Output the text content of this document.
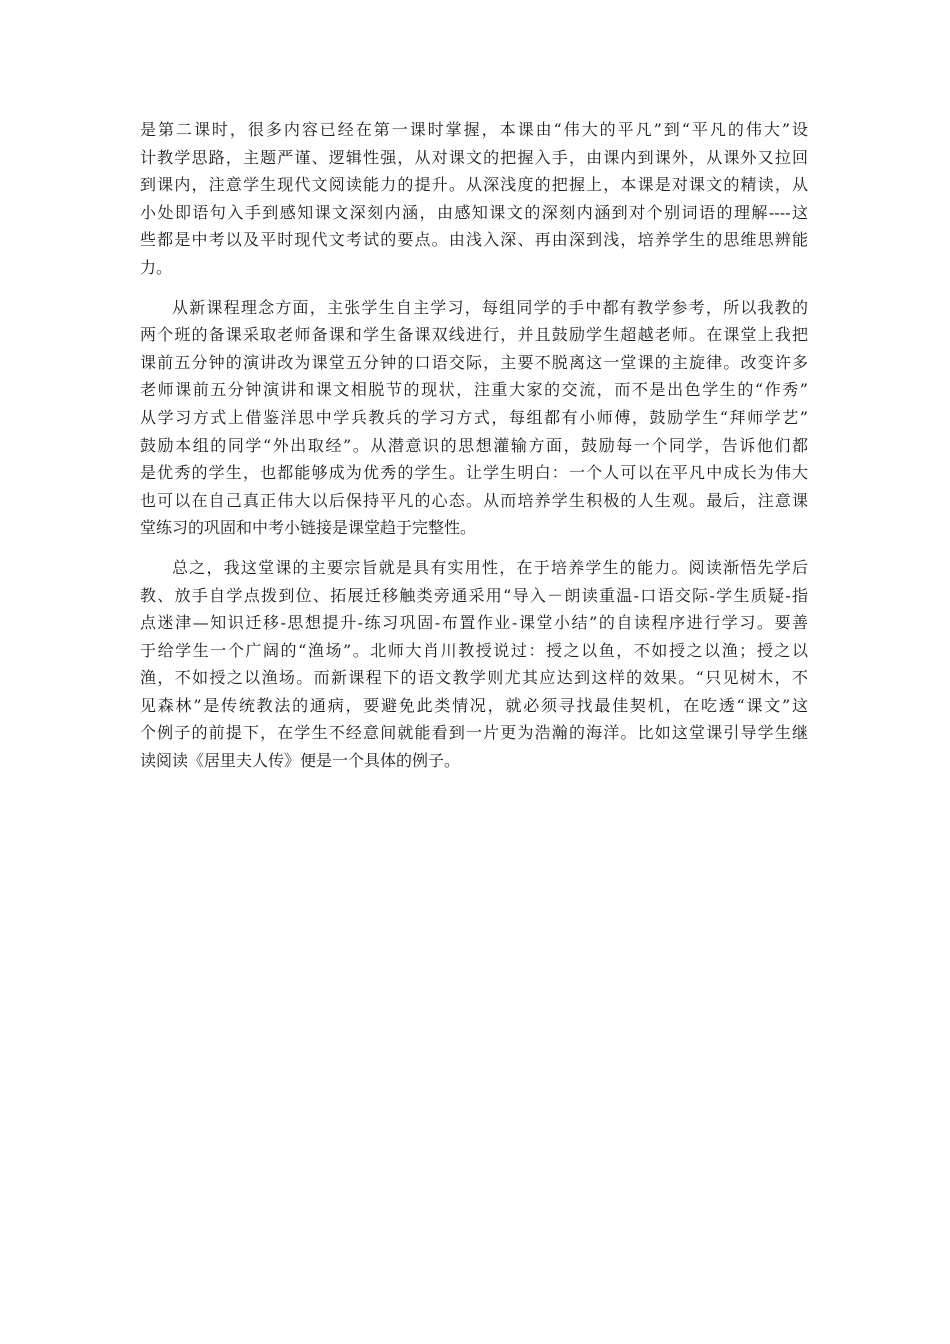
是第二课时，很多内容已经在第一课时掌握，本课由“伟大的平凡”到“平凡的伟大”设
计教学思路，主题严谨、逻辑性强，从对课文的把握入手，由课内到课外，从课外又拉回
到课内，注意学生现代文阅读能力的提升。从深浅度的把握上，本课是对课文的精读，从
小处即语句入手到感知课文深刻内涵，由感知课文的深刻内涵到对个别词语的理解----这
些都是中考以及平时现代文考试的要点。由浅入深、再由深到浅，培养学生的思维思辨能
力。
从新课程理念方面，主张学生自主学习，每组同学的手中都有教学参考，所以我教的
两个班的备课采取老师备课和学生备课双线进行，并且鼓励学生超越老师。在课堂上我把
课前五分钟的演讲改为课堂五分钟的口语交际，主要不脱离这一堂课的主旋律。改变许多
老师课前五分钟演讲和课文相脱节的现状，注重大家的交流，而不是出色学生的“作秀”
从学习方式上借鉴洋思中学兵教兵的学习方式，每组都有小师傅，鼓励学生“拜师学艺”
鼓励本组的同学“外出取经”。从潜意识的思想灌输方面，鼓励每一个同学，告诉他们都
是优秀的学生，也都能够成为优秀的学生。让学生明白：一个人可以在平凡中成长为伟大
也可以在自己真正伟大以后保持平凡的心态。从而培养学生积极的人生观。最后，注意课
堂练习的巩固和中考小链接是课堂趋于完整性。
总之，我这堂课的主要宗旨就是具有实用性，在于培养学生的能力。阅读渐悟先学后
教、放手自学点拨到位、拓展迁移触类旁通采用“导入－朗读重温-口语交际-学生质疑-指
点迷津—知识迁移-思想提升-练习巩固-布置作业-课堂小结”的自读程序进行学习。要善
于给学生一个广阔的“渔场”。北师大肖川教授说过：授之以鱼，不如授之以渔；授之以
渔，不如授之以渔场。而新课程下的语文教学则尤其应达到这样的效果。“只见树木，不
见森林”是传统教法的通病，要避免此类情况，就必须寻找最佳契机，在吃透“课文”这
个例子的前提下，在学生不经意间就能看到一片更为浩瀚的海洋。比如这堂课引导学生继
读阅读《居里夫人传》便是一个具体的例子。
